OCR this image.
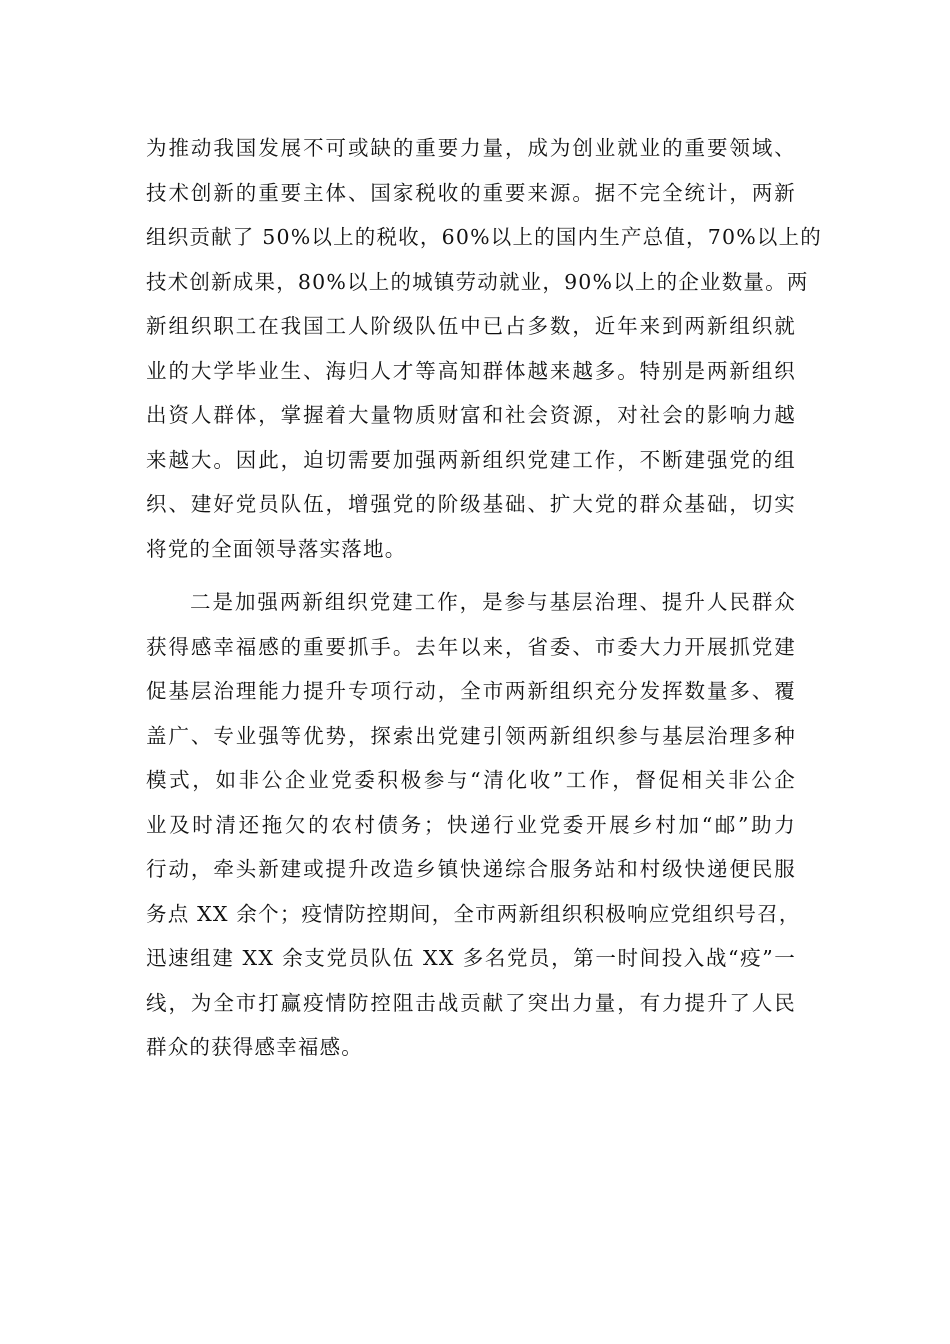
为推动我国发展不可或缺的重要力量，成为创业就业的重要领域、
技术创新的重要主体、国家税收的重要来源。据不完全统计，两新
组织贡献了 50%以上的税收，60%以上的国内生产总值，70%以上的
技术创新成果，80%以上的城镇劳动就业，90%以上的企业数量。两
新组织职工在我国工人阶级队伍中已占多数，近年来到两新组织就
业的大学毕业生、海归人才等高知群体越来越多。特别是两新组织
出资人群体，掌握着大量物质财富和社会资源，对社会的影响力越
来越大。因此，迫切需要加强两新组织党建工作，不断建强党的组
织、建好党员队伍，增强党的阶级基础、扩大党的群众基础，切实
将党的全面领导落实落地。

二是加强两新组织党建工作，是参与基层治理、提升人民群众
获得感幸福感的重要抓手。去年以来，省委、市委大力开展抓党建
促基层治理能力提升专项行动，全市两新组织充分发挥数量多、覆
盖广、专业强等优势，探索出党建引领两新组织参与基层治理多种
模式，如非公企业党委积极参与“清化收”工作，督促相关非公企
业及时清还拖欠的农村债务；快递行业党委开展乡村加“邮”助力
行动，牵头新建或提升改造乡镇快递综合服务站和村级快递便民服
务点 XX 余个；疫情防控期间，全市两新组织积极响应党组织号召，
迅速组建 XX 余支党员队伍 XX 多名党员，第一时间投入战“疫”一
线，为全市打赢疫情防控阻击战贡献了突出力量，有力提升了人民
群众的获得感幸福感。
